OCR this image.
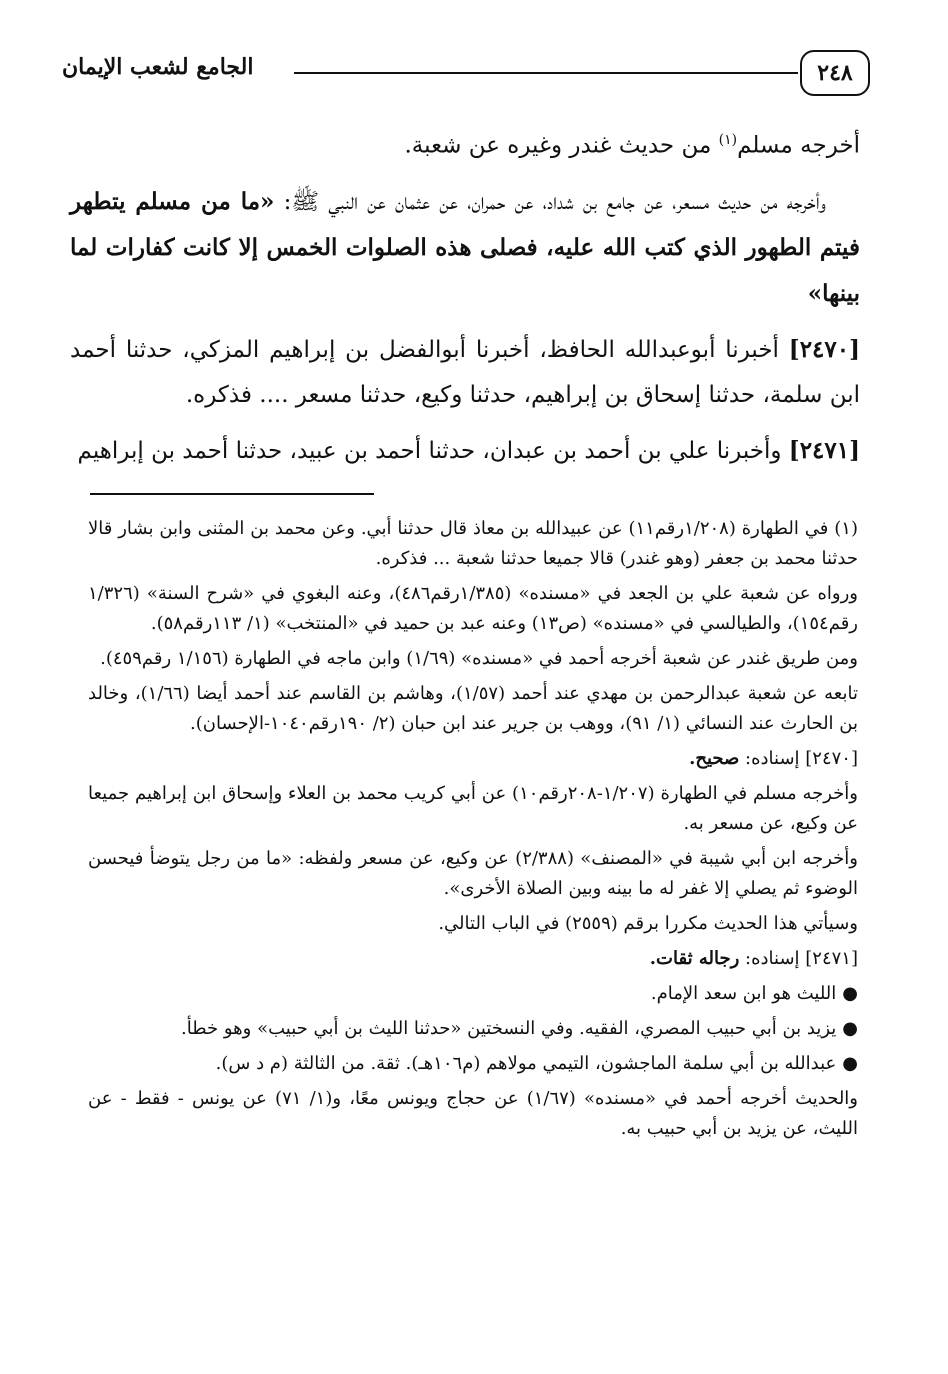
٢٤٨
الجامع لشعب الإيمان

أخرجه مسلم$^{(١)}$ من حديث غندر وغيره عن شعبة.

وأخرجه من حديث مسعر، عن جامع بن شداد، عن حمران، عن عثمان عن النبي ﷺ: «ما من مسلم يتطهر فيتم الطهور الذي كتب الله عليه، فصلى هذه الصلوات الخمس إلا كانت كفارات لما بينها»

[٢٤٧٠] أخبرنا أبوعبدالله الحافظ، أخبرنا أبوالفضل بن إبراهيم المزكي، حدثنا أحمد ابن سلمة، حدثنا إسحاق بن إبراهيم، حدثنا وكيع، حدثنا مسعر .... فذكره.

[٢٤٧١] وأخبرنا علي بن أحمد بن عبدان، حدثنا أحمد بن عبيد، حدثنا أحمد بن إبراهيم

(١) في الطهارة (١/٢٠٨رقم١١) عن عبيدالله بن معاذ قال حدثنا أبي. وعن محمد بن المثنى وابن بشار قالا حدثنا محمد بن جعفر (وهو غندر) قالا جميعا حدثنا شعبة ... فذكره.

ورواه عن شعبة علي بن الجعد في «مسنده» (١/٣٨٥رقم٤٨٦)، وعنه البغوي في «شرح السنة» (١/٣٢٦ رقم١٥٤)، والطيالسي في «مسنده» (ص١٣) وعنه عبد بن حميد في «المنتخب» (١/ ١١٣رقم٥٨).

ومن طريق غندر عن شعبة أخرجه أحمد في «مسنده» (١/٦٩) وابن ماجه في الطهارة (١/١٥٦ رقم٤٥٩).

تابعه عن شعبة عبدالرحمن بن مهدي عند أحمد (١/٥٧)، وهاشم بن القاسم عند أحمد أيضا (١/٦٦)، وخالد بن الحارث عند النسائي (١/ ٩١)، ووهب بن جرير عند ابن حبان (٢/ ١٩٠رقم١٠٤٠-الإحسان).

[٢٤٧٠] إسناده: صحيح.

وأخرجه مسلم في الطهارة (١/٢٠٧-٢٠٨رقم١٠) عن أبي كريب محمد بن العلاء وإسحاق ابن إبراهيم جميعا عن وكيع، عن مسعر به.

وأخرجه ابن أبي شيبة في «المصنف» (٢/٣٨٨) عن وكيع، عن مسعر ولفظه: «ما من رجل يتوضأ فيحسن الوضوء ثم يصلي إلا غفر له ما بينه وبين الصلاة الأخرى».

وسيأتي هذا الحديث مكررا برقم (٢٥٥٩) في الباب التالي.

[٢٤٧١] إسناده: رجاله ثقات.

●الليث هو ابن سعد الإمام.

●يزيد بن أبي حبيب المصري، الفقيه. وفي النسختين «حدثنا الليث بن أبي حبيب» وهو خطأ.

●عبدالله بن أبي سلمة الماجشون، التيمي مولاهم (م١٠٦هـ). ثقة. من الثالثة (م د س).

والحديث أخرجه أحمد في «مسنده» (١/٦٧) عن حجاج ويونس معًا، و(١/ ٧١) عن يونس - فقط - عن الليث، عن يزيد بن أبي حبيب به.
